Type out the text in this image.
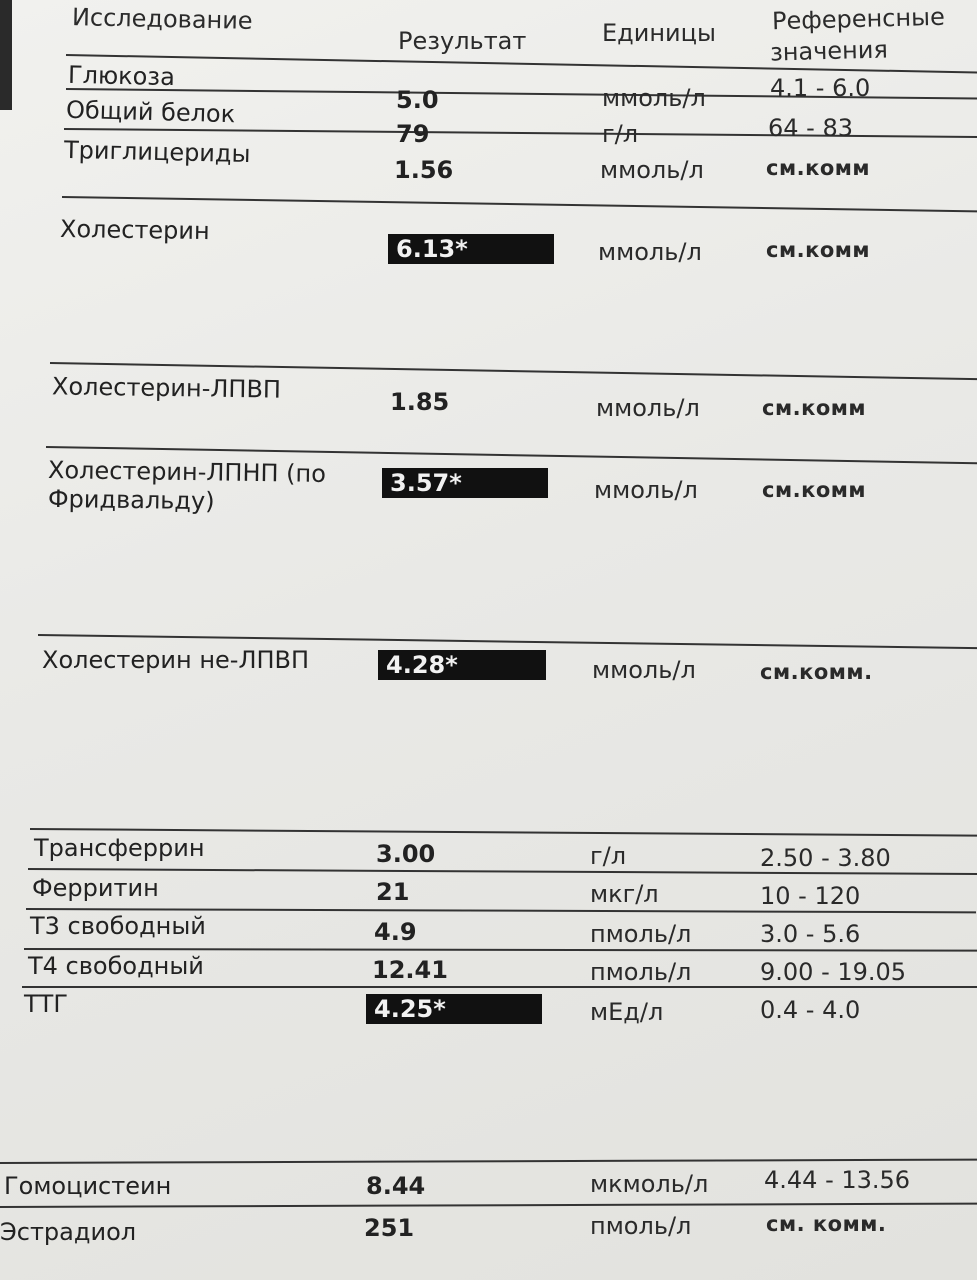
Исследование
Результат	Единицы Референсные
значения
Глюкоза
5.0	ммоль/л	4.1 - 6.0
Общий белок
79	г/л	64 - 83
Триглицериды
1.56	ммоль/л	см.комм
Холестерин
6.13*	ммоль/л	см.комм
Холестерин-ЛПВП	1.85	ммоль/л	см.комм
Холестерин-ЛПНП (по
Фридвальду)
3.57*	ммоль/л	см.комм
Холестерин не-ЛПВП	4.28*	ммоль/л	см.комм.
Трансферрин	3.00	г/л	2.50 - 3.80
Ферритин	21	мкг/л	10 - 120
Т3 свободный	4.9	пмоль/л	3.0 - 5.6
Т4 свободный	12.41	пмоль/л	9.00 - 19.05
ТТГ	4.25*	мЕд/л	0.4 - 4.0
Гомоцистеин	8.44	мкмоль/л 4.44 - 13.56
Эстрадиол	251	пмоль/л	см. комм.
